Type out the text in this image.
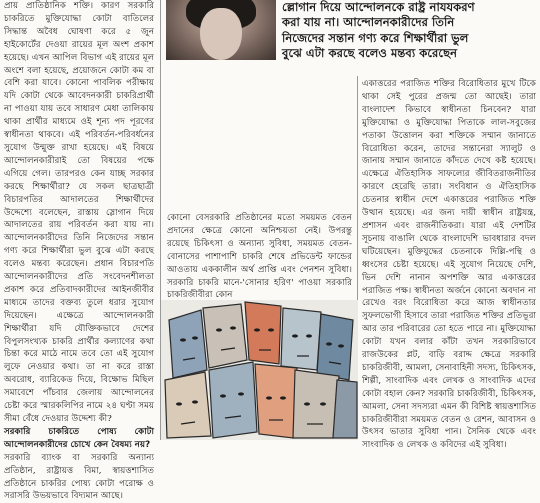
ল্লোগান দিয়ে আন্দোলনকে রাষ্ট্র নাযযকরণ

করা যায় না। আন্দোলনকারীদের তিনি

নিজেদের সন্তান গণ্য করে শিক্ষার্থীরা ভুল

বুঝে এটা করছে বলেও মন্তব্য করেছেন

প্রায় প্রাতিষ্ঠানিক শক্তি। কারণ সরকারি চাকরিতে মুক্তিযোদ্ধা কোটা বাতিলের সিদ্ধান্ত অবৈধ ঘোষণা করে ৫ জুন হাইকোর্টের দেওয়া রায়ের মূল অংশ প্রকাশ হয়েছে। এখন আপিল বিভাগ এই রায়ের মূল অংশে বলা হয়েছে, প্রয়োজনে কোটা কম বা বেশি করা যাবে। কোনো পাবলিক পরীক্ষায় যদি কোটা থেকে আবেদনকারী চাকরিপ্রার্থী না পাওয়া যায় তবে সাধারণ মেধা তালিকায় থাকা প্রার্থীর মাধ্যমে ওই শূন্য পদ পূরণের স্বাধীনতা থাকবে। এই পরিবর্তন-পরিবর্ধনের সুযোগ উন্মুক্ত রাখা হয়েছে। এই বিষয়ে আন্দোলনকারীরাই তো বিষয়ের পক্ষে এগিয়ে গেল। তারপরও কেন যাচ্ছ সরকার করছে শিক্ষার্থীরা? যে সকল ছাত্রছাত্রী বিচারপতির আদালতের শিক্ষার্থীদের উদ্দেশ্যে বলেছেন, রাস্তায় স্লোগান দিয়ে আদালতের রায় পরিবর্তন করা যায় না। আন্দোলনকারীদের তিনি নিজেদের সন্তান গণ্য করে শিক্ষার্থীরা ভুল বুঝে এটা করছে বলেও মন্তব্য করেছেন। প্রধান বিচারপতি আন্দোলনকারীদের প্রতি সংবেদনশীলতা প্রকাশ করে প্রতিবাদকারীদের আইনজীবীর মাধ্যমে তাদের বক্তব্য তুলে ধরার সুযোগ দিয়েছেন। এক্ষেত্রে আন্দোলনকারী শিক্ষার্থীরা যদি যৌক্তিকভাবে দেশের বিপুলসংখ্যক চাকরি প্রার্থীর কল্যাণের কথা চিন্তা করে মাঠে নামে তবে তো এই সুযোগ লুফে নেওয়ার কথা। তা না করে রাস্তা অবরোধ, ব্যারিকেড দিয়ে, বিক্ষোভ মিছিল সমাবেশে পাঁচবার জেলায় আন্দোলনের চেষ্টা করে স্মারকলিপির নামে ২৪ ঘণ্টা সময় সীমা বেঁধে দেওয়ার উদ্দেশ্য কী?

সরকারি চাকরিতে পোষ্য কোটা আন্দোলনকারীদের চোখে কেন বৈষম্য নয়?

সরকারি ব্যাংক বা সরকারি অন্যান্য প্রতিষ্ঠান, রাষ্ট্রায়ত্ত বিমা, স্বায়ত্তশাসিত প্রতিষ্ঠানে চাকরির পোষ্য কোটা পরোক্ষ ও সরাসরি উভয়ভাবে বিদ্যমান আছে।

কোনো বেসরকারি প্রতিষ্ঠানের মতো সময়মত বেতন প্রদানের ক্ষেত্রে কোনো অনিশ্চয়তা নেই। উপরন্তু রয়েছে চিকিৎসা ও অন্যান্য সুবিধা, সময়মত বেতন-বোনাসের পাশাপাশি চাকরি শেষে প্রভিডেন্ট ফান্ডের আওতায় এককালীন অর্থ প্রাপ্তি এবং পেনশন সুবিধা। সরকারি চাকরি মানে-'সোনার হরিণ' পাওয়া সরকারি চাকরিজীবীরা কোন

একাত্তরের পরাজিত শক্তির বিরোধিতার মুখে টিকে থাকা সেই পুরের প্রজন্ম তো আছেই। তারা বাংলাদেশ কিভাবে স্বাধীনতা চিনবেন? যারা মুক্তিযোদ্ধা ও মুক্তিযোদ্ধা পিতাকে লাল-সবুজের পতাকা উত্তোলন করা শক্তিকে সম্মান জানাতে বিরোধিতা করেন, তাদের সন্তানেরা স্যালুট ও জানায় সম্মান জানাতে কাঁদতে দেখে কষ্ট হয়েছে। এক্ষেত্রে ঐতিহাসিক সাফল্যের জীবিতরাজনীতির কারণে হেরেছি তারা। সংবিধান ও ঐতিহাসিক চেতনার স্বাধীন দেশে একাত্তরের পরাজিত শক্তি উত্থান হয়েছে। এর জন্য দায়ী স্বাধীন রাষ্ট্রযন্ত্র, প্রশাসন এবং রাজনীতিকরা। যারা এই দেশটির সূচনায় বাঙালি থেকে বাংলাদেশি ভাবধারার বদল ঘটিয়েছেন। মুক্তিযুদ্ধের চেতনাকে দিল্লি-পন্থি ও ধ্বংসের চেষ্টা হয়েছে। এই সুযোগ নিয়েছে দেশি, ভিন দেশি নানান অপশক্তি আর একাত্তরের পরাজিত পক্ষ। স্বাধীনতা অর্জনে কোনো অবদান না রেখেও বরং বিরোধিতা করে আজ স্বাধীনতার সুফলভোগী হিসাবে তারা পরাজিত শক্তির প্রতিভূরা আর তার পরিবারের তো হতে পারে না। মুক্তিযোদ্ধা কোটা যখন বলার কাঁটা তখন সরকারিভাবে রাজউকের প্লট, বাড়ি বরাদ্দ ক্ষেত্রে সরকারি চাকরিজীবী, আমলা, সেনাবাহিনী সদস্য, চিকিৎসক, শিল্পী, সাংবাদিক এবং লেখক ও সাংবাদিক এদের কোটা বহাল কেন? সরকারি চাকরিজীবী, চিকিৎসক, আমলা, সেনা সদস্যরা এমন কী বিশিষ্ট স্বায়ত্তশাসিত চাকরিজীবীরা সময়মত বেতন ও রেশন, আবাসন ও উৎসব ভাতার সুবিধা পান। সৈনিক থেকে এবং সাংবাদিক ও লেখক ও কবিদের এই সুবিধা।
